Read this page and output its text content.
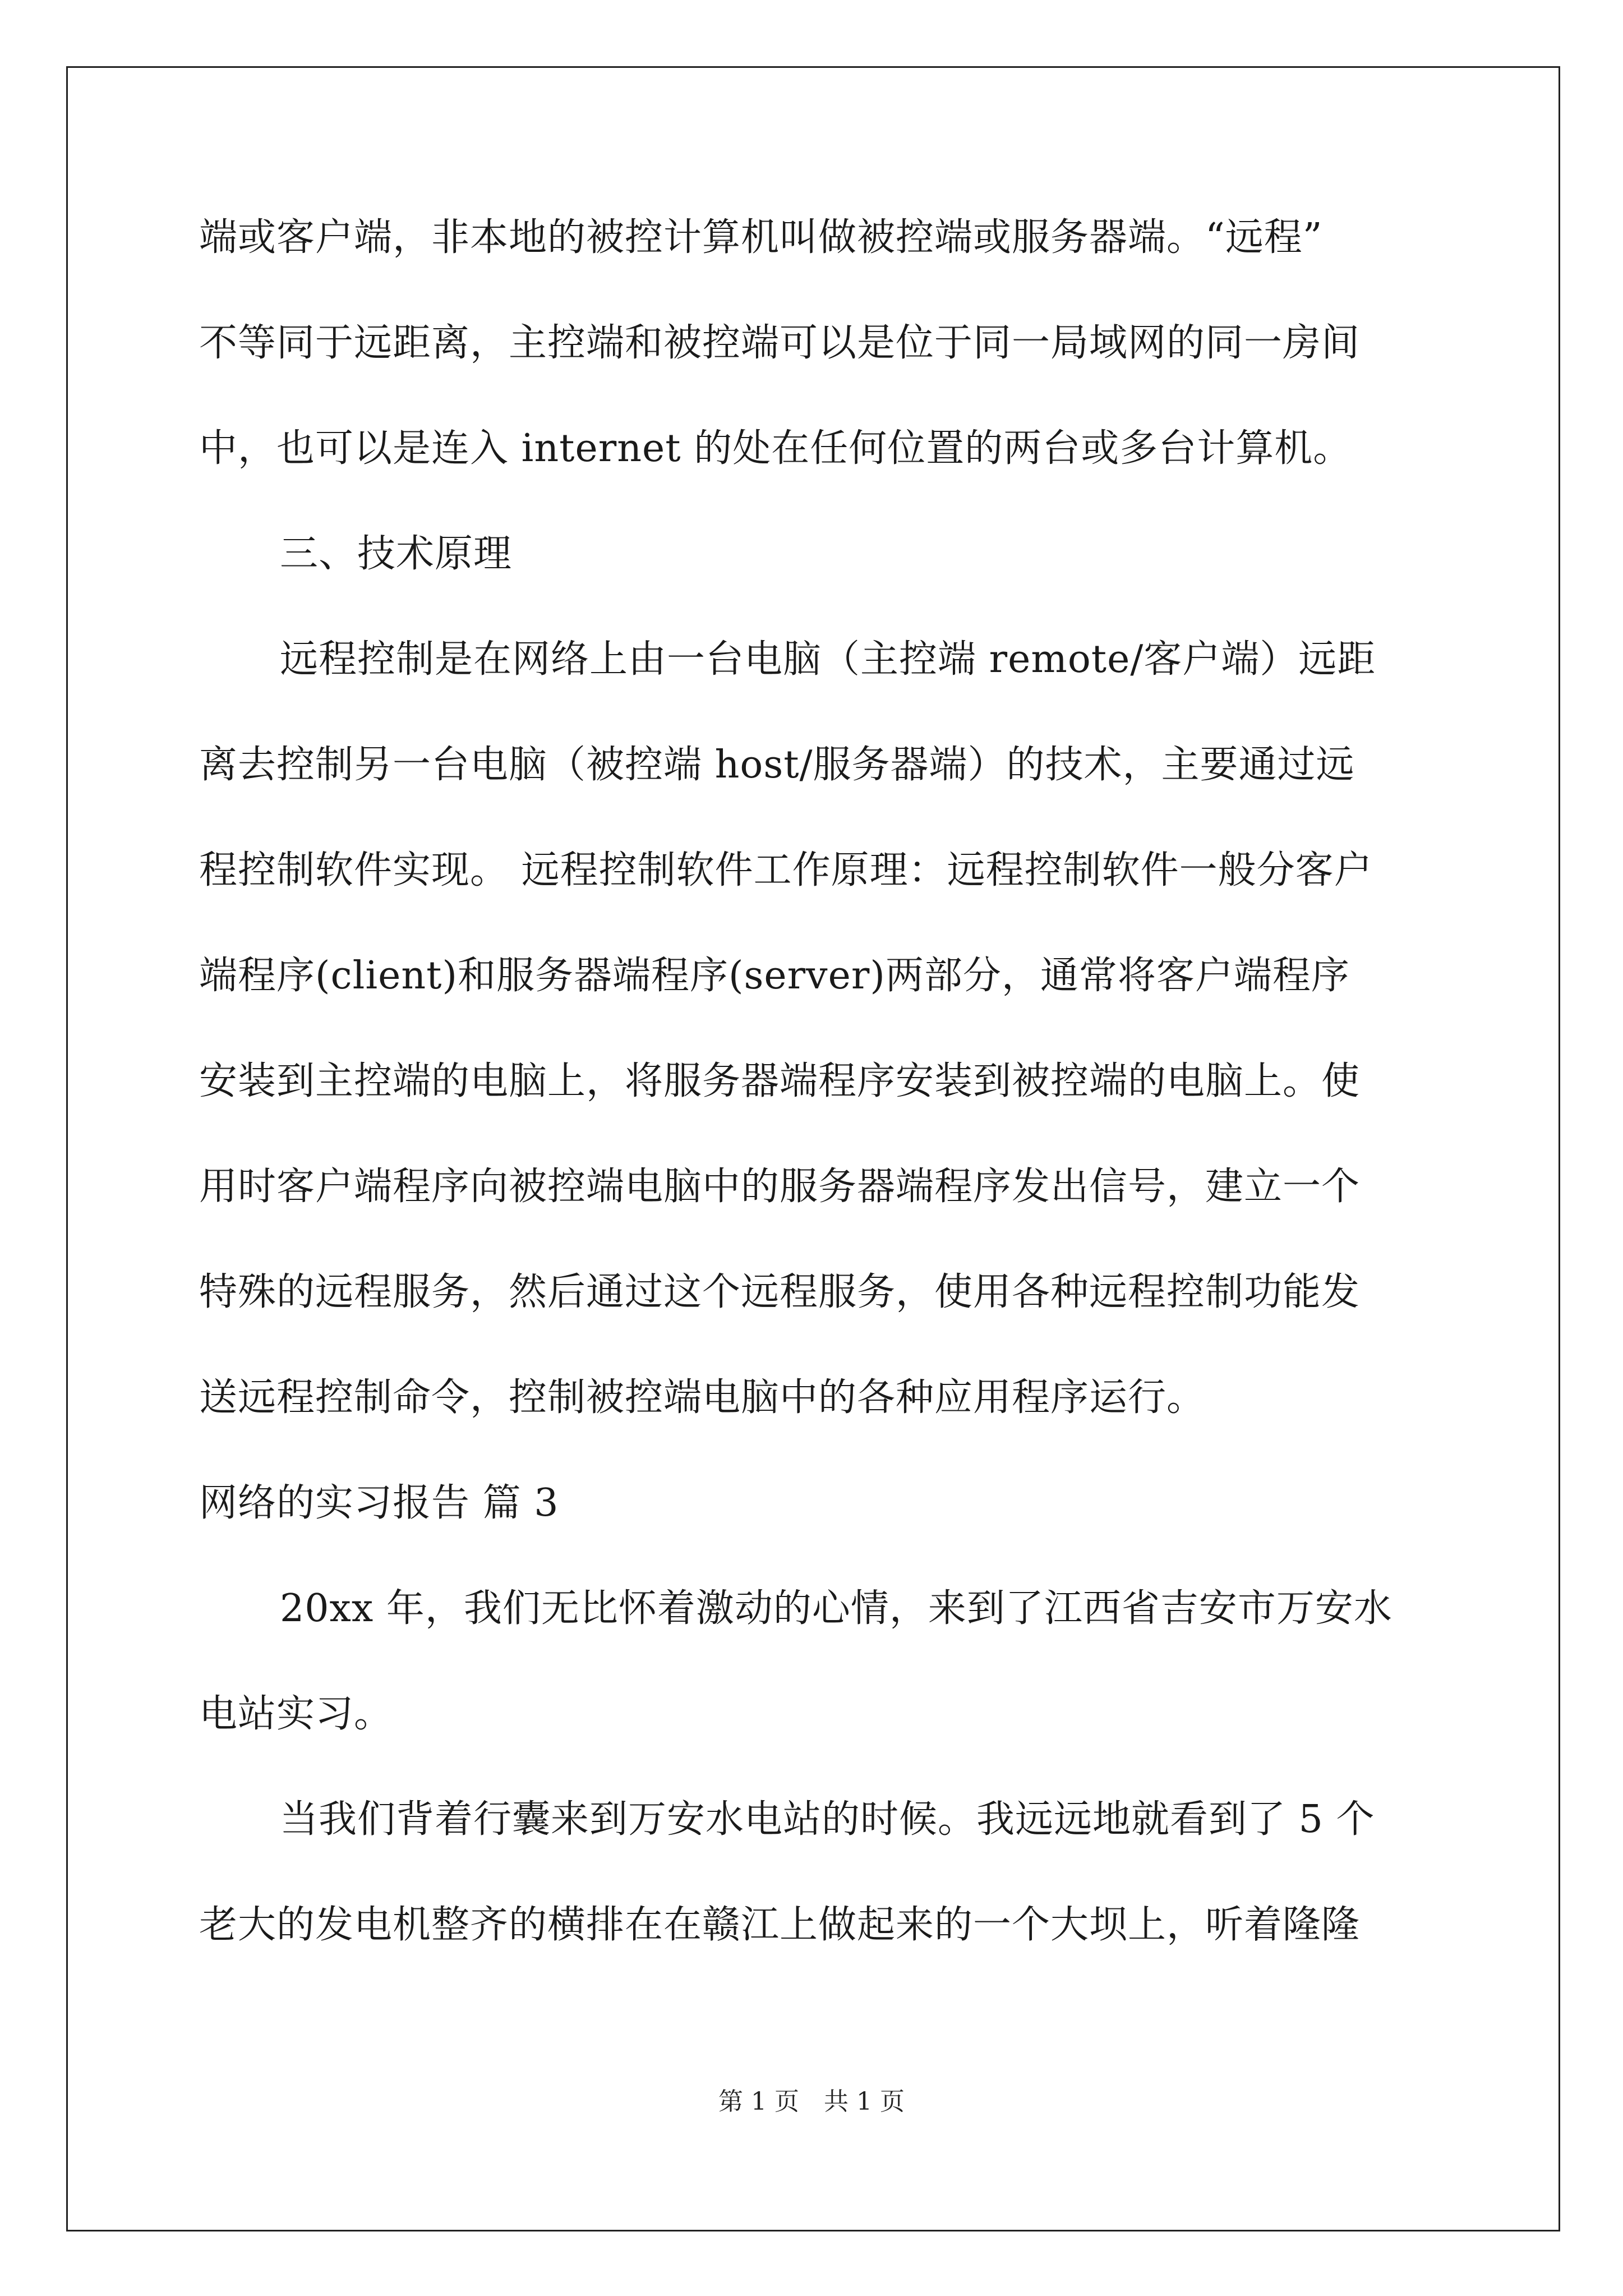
端或客户端，非本地的被控计算机叫做被控端或服务器端。“远程”
不等同于远距离，主控端和被控端可以是位于同一局域网的同一房间
中，也可以是连入 internet 的处在任何位置的两台或多台计算机。
三、技术原理
远程控制是在网络上由一台电脑（主控端 remote/客户端）远距
离去控制另一台电脑（被控端 host/服务器端）的技术，主要通过远
程控制软件实现。 远程控制软件工作原理：远程控制软件一般分客户
端程序(client)和服务器端程序(server)两部分，通常将客户端程序
安装到主控端的电脑上，将服务器端程序安装到被控端的电脑上。使
用时客户端程序向被控端电脑中的服务器端程序发出信号，建立一个
特殊的远程服务，然后通过这个远程服务，使用各种远程控制功能发
送远程控制命令，控制被控端电脑中的各种应用程序运行。
网络的实习报告 篇 3
20xx 年，我们无比怀着激动的心情，来到了江西省吉安市万安水
电站实习。
当我们背着行囊来到万安水电站的时候。我远远地就看到了 5 个
老大的发电机整齐的横排在在赣江上做起来的一个大坝上，听着隆隆
第 1 页 共 1 页
